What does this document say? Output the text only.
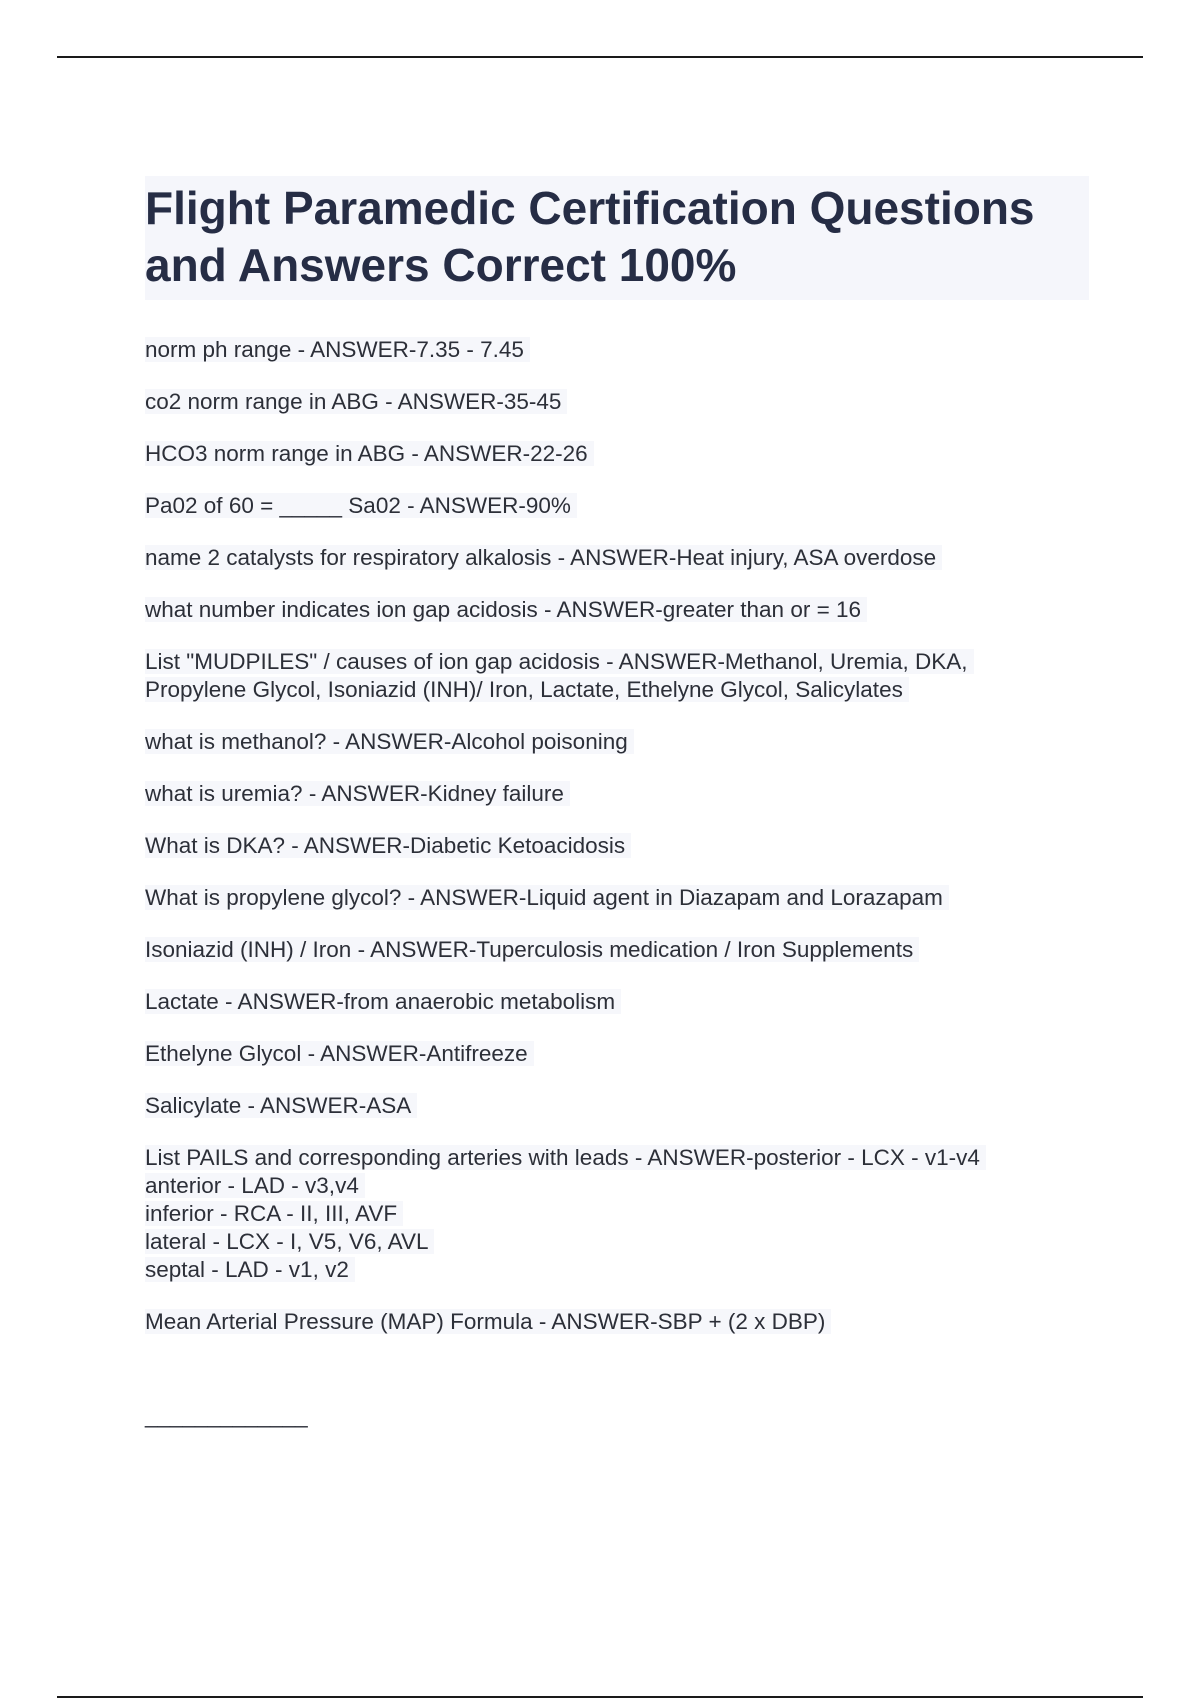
Flight Paramedic Certification Questions
and Answers Correct 100%
norm ph range - ANSWER-7.35 - 7.45
co2 norm range in ABG - ANSWER-35-45
HCO3 norm range in ABG - ANSWER-22-26
Pa02 of 60 = _____ Sa02 - ANSWER-90%
name 2 catalysts for respiratory alkalosis - ANSWER-Heat injury, ASA overdose
what number indicates ion gap acidosis - ANSWER-greater than or = 16
List "MUDPILES" / causes of ion gap acidosis - ANSWER-Methanol, Uremia, DKA,
Propylene Glycol, Isoniazid (INH)/ Iron, Lactate, Ethelyne Glycol, Salicylates
what is methanol? - ANSWER-Alcohol poisoning
what is uremia? - ANSWER-Kidney failure
What is DKA? - ANSWER-Diabetic Ketoacidosis
What is propylene glycol? - ANSWER-Liquid agent in Diazapam and Lorazapam
Isoniazid (INH) / Iron - ANSWER-Tuperculosis medication / Iron Supplements
Lactate - ANSWER-from anaerobic metabolism
Ethelyne Glycol - ANSWER-Antifreeze
Salicylate - ANSWER-ASA
List PAILS and corresponding arteries with leads - ANSWER-posterior - LCX - v1-v4
anterior - LAD - v3,v4
inferior - RCA - II, III, AVF
lateral - LCX - I, V5, V6, AVL
septal - LAD - v1, v2
Mean Arterial Pressure (MAP) Formula - ANSWER-SBP + (2 x DBP)
_____________
